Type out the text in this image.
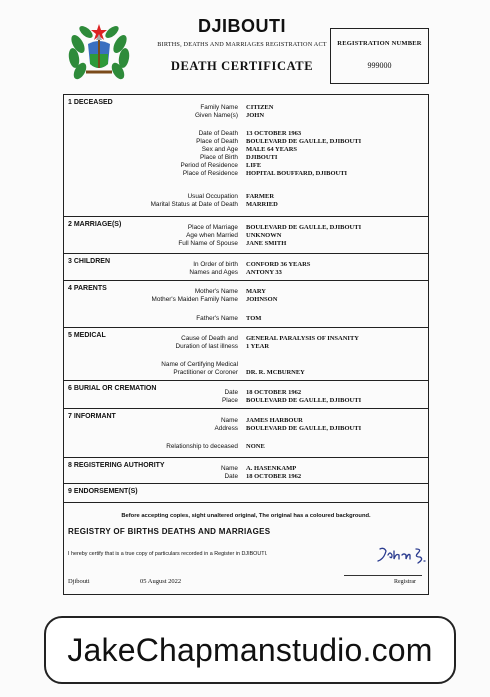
DJIBOUTI
BIRTHS, DEATHS AND MARRIAGES REGISTRATION ACT
DEATH CERTIFICATE
REGISTRATION NUMBER
999000
1 DECEASED
Family Name CITIZEN
Given Name(s) JOHN
Date of Death 13 OCTOBER 1963
Place of Death BOULEVARD DE GAULLE, DJIBOUTI
Sex and Age MALE 64 YEARS
Place of Birth DJIBOUTI
Period of Residence LIFE
Place of Residence HOPITAL BOUFFARD, DJIBOUTI
Usual Occupation FARMER
Marital Status at Date of Death MARRIED
2 MARRIAGE(S)	Place of Marriage BOULEVARD DE GAULLE, DJIBOUTI
Age when Married UNKNOWN
Full Name of Spouse JANE SMITH
3 CHILDREN	In Order of birth CONFORD 36 YEARS
Names and Ages ANTONY 33
4 PARENTS	Mother's Name MARY
Mother's Maiden Family Name JOHNSON
Father's Name TOM
5 MEDICAL	Cause of Death and GENERAL PARALYSIS OF INSANITY
Duration of last illness 1 YEAR
Name of Certifying Medical
Practitioner or Coroner DR. R. MCBURNEY
6 BURIAL OR CREMATION
Date 18 OCTOBER 1962
Place BOULEVARD DE GAULLE, DJIBOUTI
7 INFORMANT
Name JAMES HARBOUR
Address BOULEVARD DE GAULLE, DJIBOUTI
Relationship to deceased NONE
8 REGISTERING AUTHORITY	Name A. HASENKAMP
Date 18 OCTOBER 1962
9 ENDORSEMENT(S)
Before accepting copies, sight unaltered original, The original has a coloured background.
REGISTRY OF BIRTHS DEATHS AND MARRIAGES
I hereby certify that is a true copy of particulars recorded in a Register in DJIBOUTI.
Djibouti	05 August 2022	Registrar
JakeChapmanstudio.com
